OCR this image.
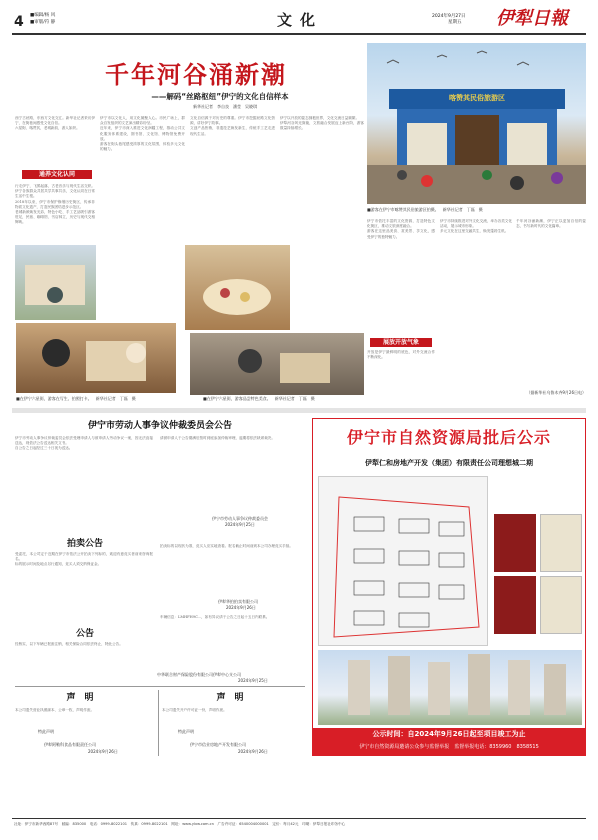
4 ■编辑/杨 风
■审版/符 静	文化	2024年9月27日
星期五 伊犁日報
千年河谷涌新潮
——解码“丝路枢纽”伊宁的文化自信样本
新华社记者　李自良　潘莹　吴晓琪
喀赞其民俗旅游区
■游客在伊宁市喀赞其民俗旅游区拍摄。　新华社记者　丁磊　摄
西宁古丝路，东西方文化交汇。新华社记者采访伊宁，在街巷间感受文化自信。
六星街、喀赞其，老城新韵，游人如织。
通养文化认同
行走伊宁，飞鸽起落，古老音乐与现代生活交织。伊宁各族群众共居共学共事共乐，文化认同在日常生活中生根。
2018年以来，伊宁市保护修缮历史街区，传承非物质文化遗产，打造民族团结进步示范区。
老城新颜焕发光彩，特色小吃、手工艺品吸引游客驻足，民宿、咖啡馆、书店林立，历史与现代交相辉映。
伊宁市以文化人，用文化凝聚人心。市民广场上，群众自发组织的文艺演出精彩纷呈。
近年来，伊宁市深入推进文化润疆工程，推动公共文化服务体系建设，图书馆、文化馆、博物馆免费开放。
游客在街头巷尾感受浓厚的文化氛围，体验多元文化的魅力。
文化自信源于对历史的尊重。伊宁市挖掘丝路文化资源，讲好伊宁故事。
文创产品热销，非遗技艺焕发新生，传统手工艺走进现代生活。
伊宁以开放的姿态拥抱世界，文化交流日益频繁。
伊犁河谷风光旖旎，文旅融合发展迈上新台阶，游客数量持续增长。
■在伊宁六星街，游客在写生、拍照打卡。　新华社记者　丁磊　摄	■在伊宁六星街，游客品尝特色美食。　新华社记者　丁磊　摄
伊宁市依托丰富的文化资源，打造特色文化街区，推动文旅深度融合。
游客在这里品美食、赏美景、享文化，感受伊宁的独特魅力。
展放开放气象
开放是伊宁最鲜明的底色，对外交流合作不断深化。
伊宁市持续推进对外文化交流，举办各类文化活动，展示城市形象。
多元文化在这里交融共生，焕发蓬勃生机。
千年河谷涌新潮，伊宁正以更加自信的姿态，书写新时代的文化篇章。
（据新华社乌鲁木齐9月26日电）
伊宁市劳动人事争议仲裁委员会公告
伊宁市劳动人事争议仲裁委员会依法受理申请人与被申请人劳动争议一案，因无法直接送达，现依法公告送达相关文书。
自公告之日起经过三十日视为送达。
请被申请人于公告期满后按时到庭参加仲裁审理，逾期将依法缺席裁决。
伊宁市劳动人事争议仲裁委员会
2024年9月25日
拍卖公告
受委托，本公司定于近期在伊宁市依法公开拍卖下列标的，欢迎有意竞买者前来咨询报名。
标的展示时间及地点另行通知，竞买人须交纳保证金。
拍卖标的以现状为准，竞买人应实地查看。报名截止时间前到本公司办理竞买手续。
伊犁华拍拍卖有限公司
2024年9月26日
公告
经核实，以下车辆已报废注销，相关保险合同依法终止，特此公告。
车辆信息：LMHFH9C...，如有异议请于公告之日起十五日内联系。
中华联合财产保险股份有限公司伊犁中心支公司
2024年9月25日
声　明
本公司遗失营业执照副本、公章一枚，声明作废。
特此声明
伊犁阿勒科食品有限责任公司
2024年9月26日
声　明
本公司遗失开户许可证一份，声明作废。
特此声明
伊宁市信业房地产开发有限公司
2024年9月26日
伊宁市自然资源局批后公示
伊犁仁和房地产开发（集团）有限责任公司理想城二期
公示时间：自2024年9月26日起至项目竣工为止
伊宁市自然资源局邀请公众参与监督举报　监督举报电话：8359960　8358515
社址：伊宁市新华西路87号　邮编：835000　电话：0999-8022101　传真：0999-8022101　网址：www.ylxw.com.cn　广告许可证：6540004000001　定价：每月42元　印刷：伊犁日报社印务中心
